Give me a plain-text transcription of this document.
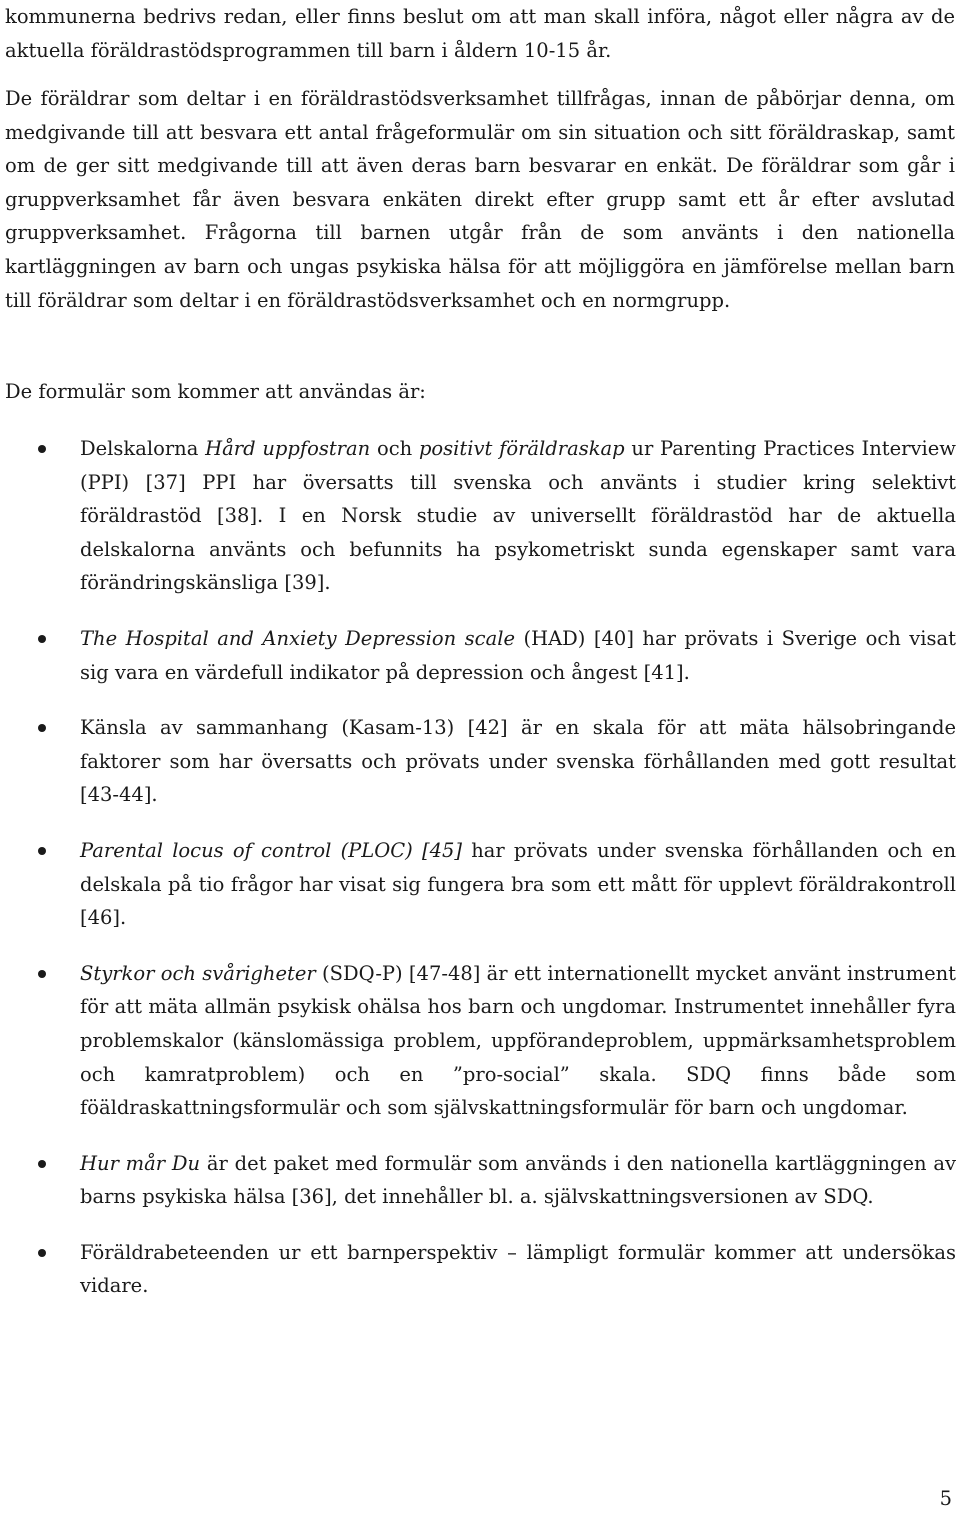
kommunerna bedrivs redan, eller finns beslut om att man skall införa, något eller några av de aktuella föräldrastödsprogrammen till barn i åldern 10-15 år.

De föräldrar som deltar i en föräldrastödsverksamhet tillfrågas, innan de påbörjar denna, om medgivande till att besvara ett antal frågeformulär om sin situation och sitt föräldraskap, samt om de ger sitt medgivande till att även deras barn besvarar en enkät. De föräldrar som går i gruppverksamhet får även besvara enkäten direkt efter grupp samt ett år efter avslutad gruppverksamhet. Frågorna till barnen utgår från de som använts i den nationella kartläggningen av barn och ungas psykiska hälsa för att möjliggöra en jämförelse mellan barn till föräldrar som deltar i en föräldrastödsverksamhet och en normgrupp.

De formulär som kommer att användas är:

Delskalorna Hård uppfostran och positivt föräldraskap ur Parenting Practices Interview (PPI) [37] PPI har översatts till svenska och använts i studier kring selektivt föräldrastöd [38]. I en Norsk studie av universellt föräldrastöd har de aktuella delskalorna använts och befunnits ha psykometriskt sunda egenskaper samt vara förändringskänsliga [39].
The Hospital and Anxiety Depression scale (HAD) [40] har prövats i Sverige och visat sig vara en värdefull indikator på depression och ångest [41].
Känsla av sammanhang (Kasam-13) [42] är en skala för att mäta hälsobringande faktorer som har översatts och prövats under svenska förhållanden med gott resultat [43-44].
Parental locus of control (PLOC) [45] har prövats under svenska förhållanden och en delskala på tio frågor har visat sig fungera bra som ett mått för upplevt föräldrakontroll [46].
Styrkor och svårigheter (SDQ-P) [47-48] är ett internationellt mycket använt instrument för att mäta allmän psykisk ohälsa hos barn och ungdomar. Instrumentet innehåller fyra problemskalor (känslomässiga problem, uppförandeproblem, uppmärksamhetsproblem och kamratproblem) och en ”pro-social” skala. SDQ finns både som föäldraskattningsformulär och som självskattningsformulär för barn och ungdomar.
Hur mår Du är det paket med formulär som används i den nationella kartläggningen av barns psykiska hälsa [36], det innehåller bl. a. självskattningsversionen av SDQ.
Föräldrabeteenden ur ett barnperspektiv – lämpligt formulär kommer att undersökas vidare.
5
